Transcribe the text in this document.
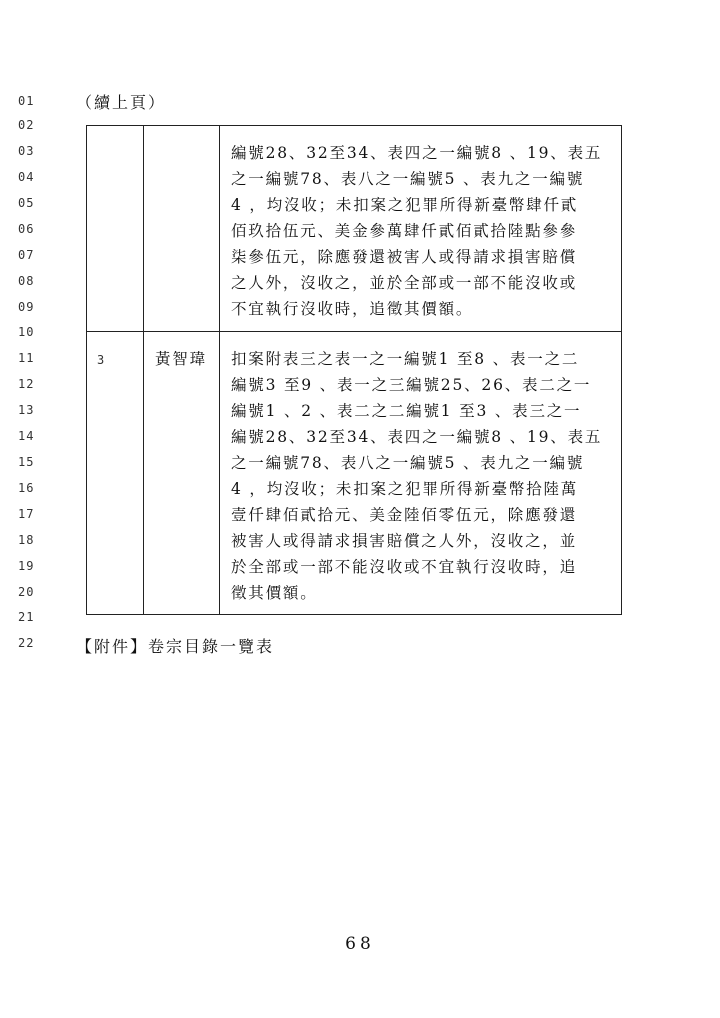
01
02
03
04
05
06
07
08
09
10
11
12
13
14
15
16
17
18
19
20
21
22
（續上頁）
編號28、32至34、表四之一編號8 、19、表五
之一編號78、表八之一編號5 、表九之一編號
4 ，均沒收；未扣案之犯罪所得新臺幣肆仟貳
佰玖拾伍元、美金參萬肆仟貳佰貳拾陸點參參
柒參伍元，除應發還被害人或得請求損害賠償
之人外，沒收之，並於全部或一部不能沒收或
不宜執行沒收時，追徵其價額。
3	黃智瑋 扣案附表三之表一之一編號1 至8 、表一之二
編號3 至9 、表一之三編號25、26、表二之一
編號1 、2 、表二之二編號1 至3 、表三之一
編號28、32至34、表四之一編號8 、19、表五
之一編號78、表八之一編號5 、表九之一編號
4 ，均沒收；未扣案之犯罪所得新臺幣拾陸萬
壹仟肆佰貳拾元、美金陸佰零伍元，除應發還
被害人或得請求損害賠償之人外，沒收之，並
於全部或一部不能沒收或不宜執行沒收時，追
徵其價額。
【附件】卷宗目錄一覽表
68
